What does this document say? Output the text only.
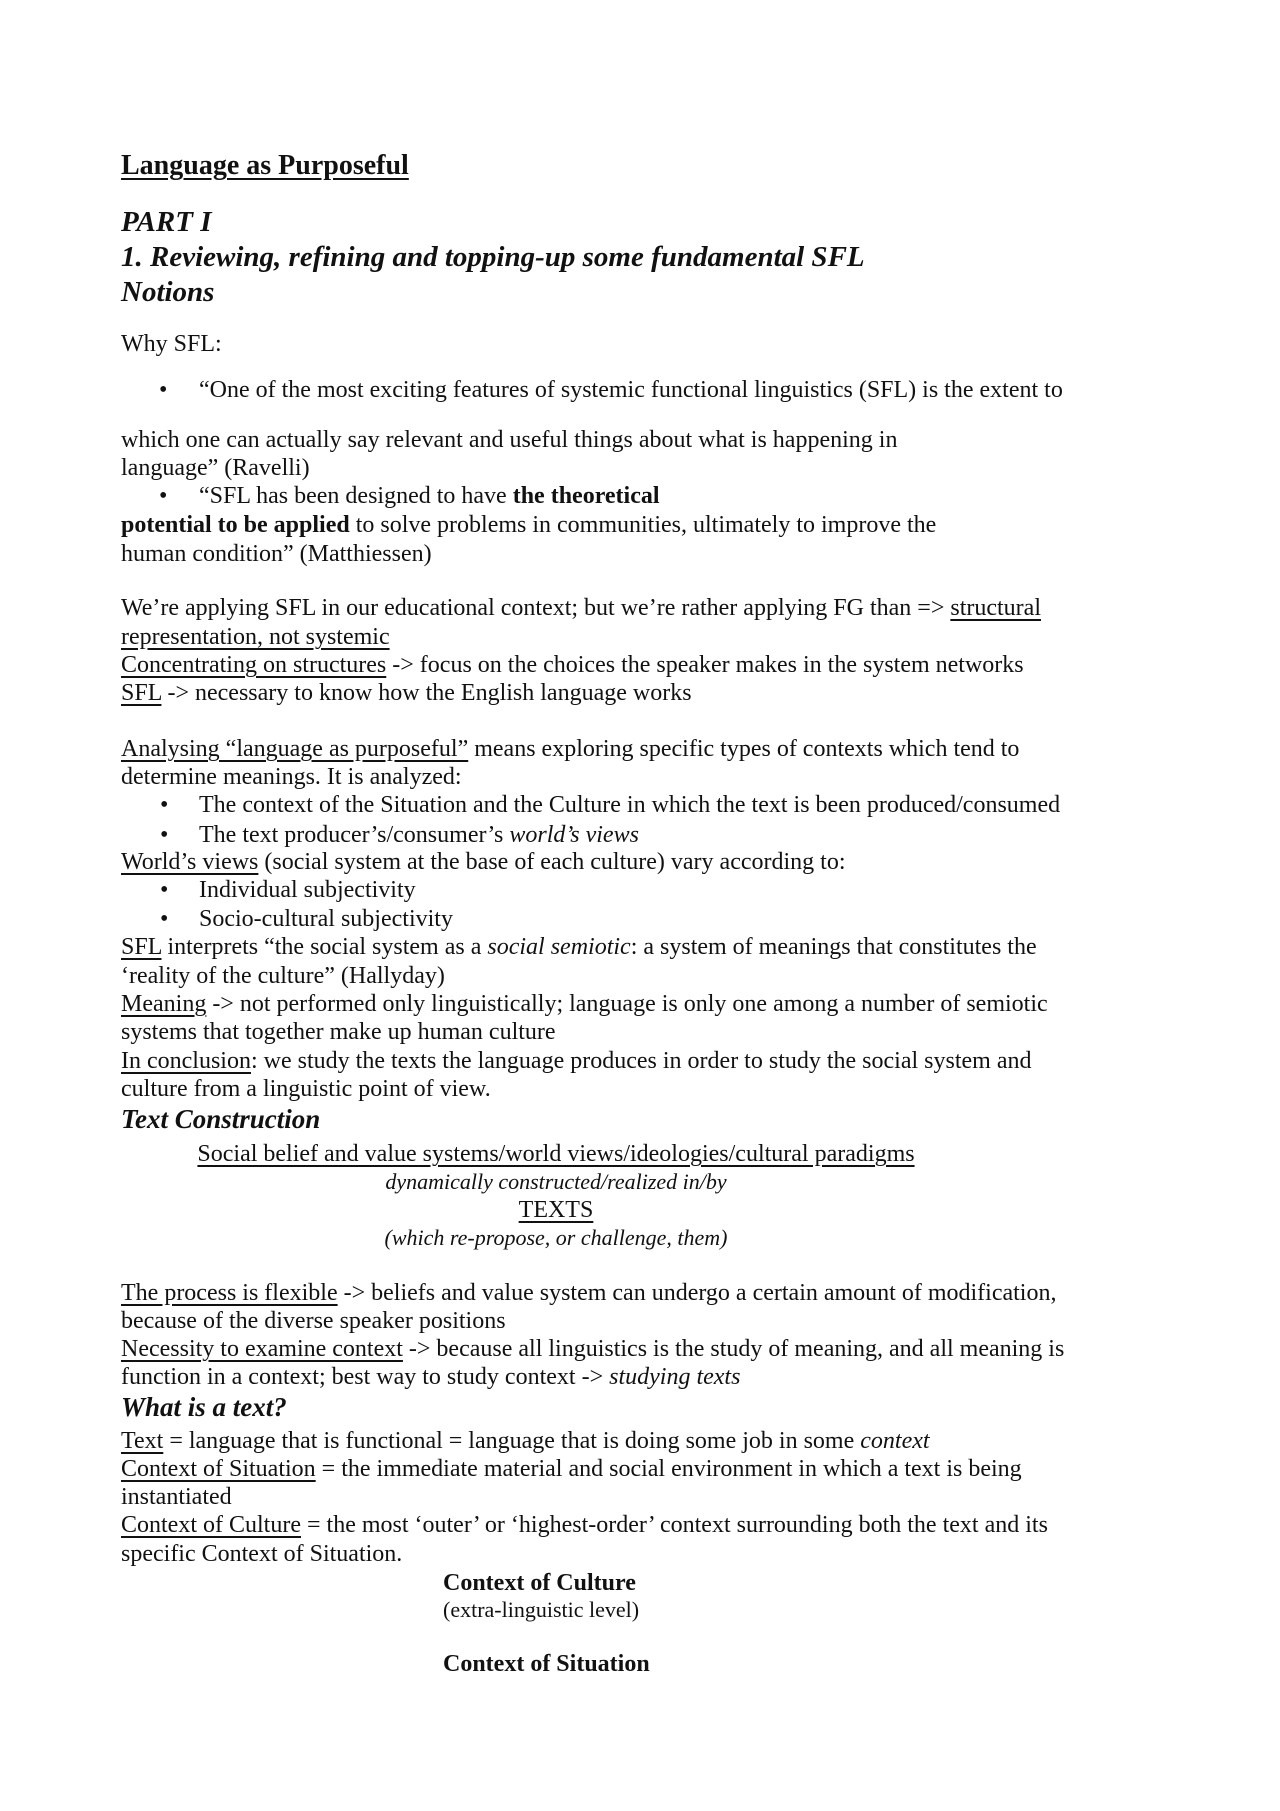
Language as Purposeful
PART I
1. Reviewing, refining and topping-up some fundamental SFL
Notions
Why SFL:
• “One of the most exciting features of systemic functional linguistics (SFL) is the extent to
which one can actually say relevant and useful things about what is happening in
language” (Ravelli)
• “SFL has been designed to have the theoretical
potential to be applied to solve problems in communities, ultimately to improve the
human condition” (Matthiessen)
We’re applying SFL in our educational context; but we’re rather applying FG than => structural
representation, not systemic
Concentrating on structures -> focus on the choices the speaker makes in the system networks
SFL -> necessary to know how the English language works
Analysing “language as purposeful” means exploring specific types of contexts which tend to
determine meanings. It is analyzed:
• The context of the Situation and the Culture in which the text is been produced/consumed
• The text producer’s/consumer’s world’s views
World’s views (social system at the base of each culture) vary according to:
• Individual subjectivity
• Socio-cultural subjectivity
SFL interprets “the social system as a social semiotic: a system of meanings that constitutes the
‘reality of the culture” (Hallyday)
Meaning -> not performed only linguistically; language is only one among a number of semiotic
systems that together make up human culture
In conclusion: we study the texts the language produces in order to study the social system and
culture from a linguistic point of view.
Text Construction
Social belief and value systems/world views/ideologies/cultural paradigms
dynamically constructed/realized in/by
TEXTS
(which re-propose, or challenge, them)
The process is flexible -> beliefs and value system can undergo a certain amount of modification,
because of the diverse speaker positions
Necessity to examine context -> because all linguistics is the study of meaning, and all meaning is
function in a context; best way to study context -> studying texts
What is a text?
Text = language that is functional = language that is doing some job in some context
Context of Situation = the immediate material and social environment in which a text is being
instantiated
Context of Culture = the most ‘outer’ or ‘highest-order’ context surrounding both the text and its
specific Context of Situation.
Context of Culture
(extra-linguistic level)
Context of Situation
